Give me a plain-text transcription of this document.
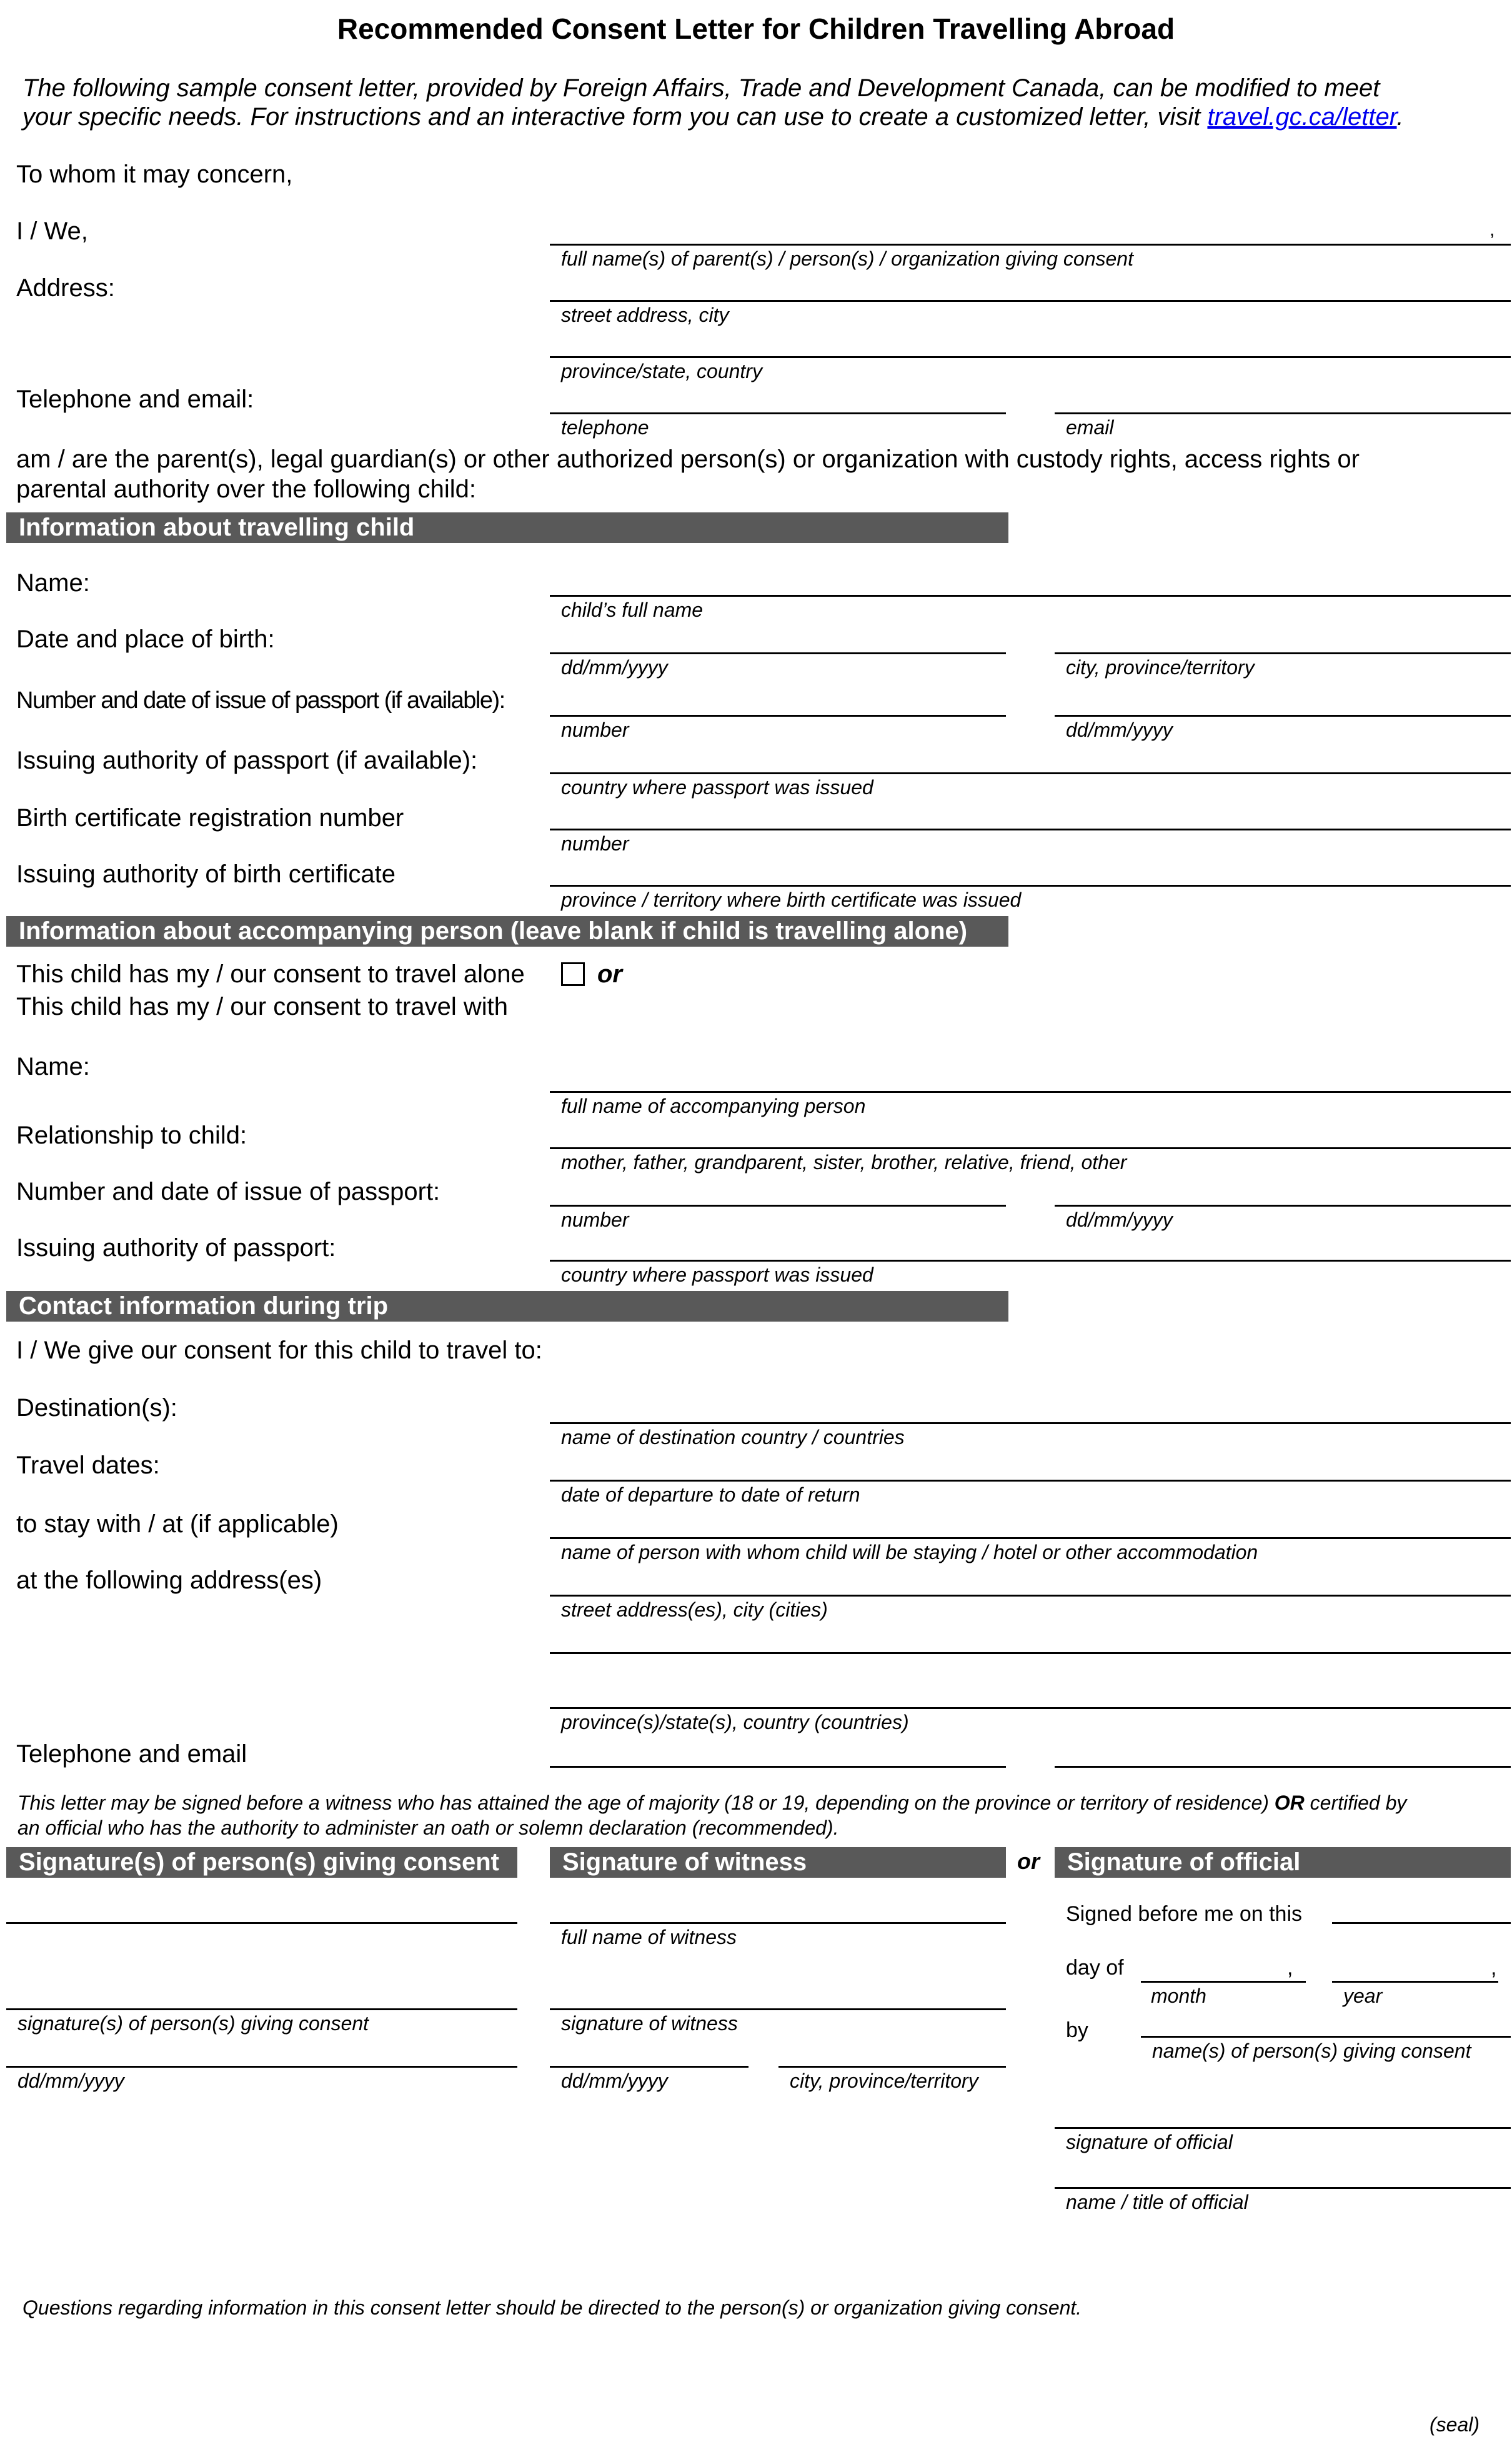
Recommended Consent Letter for Children Travelling Abroad
The following sample consent letter, provided by Foreign Affairs, Trade and Development Canada, can be modified to meet
your specific needs. For instructions and an interactive form you can use to create a customized letter, visit travel.gc.ca/letter.
To whom it may concern,
I / We,	,
full name(s) of parent(s) / person(s) / organization giving consent
Address:
street address, city
province/state, country
Telephone and email:
telephone	email
am / are the parent(s), legal guardian(s) or other authorized person(s) or organization with custody rights, access rights or
parental authority over the following child:
Information about travelling child
Name:
child’s full name
Date and place of birth:
dd/mm/yyyy	city, province/territory
Number and date of issue of passport (if available):
number	dd/mm/yyyy
Issuing authority of passport (if available):
country where passport was issued
Birth certificate registration number
number
Issuing authority of birth certificate
province / territory where birth certificate was issued
Information about accompanying person (leave blank if child is travelling alone)
This child has my / our consent to travel alone	or
This child has my / our consent to travel with
Name:
full name of accompanying person
Relationship to child:
mother, father, grandparent, sister, brother, relative, friend, other
Number and date of issue of passport:
number	dd/mm/yyyy
Issuing authority of passport:
country where passport was issued
Contact information during trip
I / We give our consent for this child to travel to:
Destination(s):
name of destination country / countries
Travel dates:
date of departure to date of return
to stay with / at (if applicable)
name of person with whom child will be staying / hotel or other accommodation
at the following address(es)
street address(es), city (cities)
province(s)/state(s), country (countries)
Telephone and email
This letter may be signed before a witness who has attained the age of majority (18 or 19, depending on the province or territory of residence) OR certified by
an official who has the authority to administer an oath or solemn declaration (recommended).
Signature(s) of person(s) giving consent	Signature of witness	or	Signature of official
signature(s) of person(s) giving consent
dd/mm/yyyy
full name of witness
signature of witness
dd/mm/yyyy	city, province/territory
Signed before me on this
day of	,	,
month	year
by
name(s) of person(s) giving consent
signature of official
name / title of official
Questions regarding information in this consent letter should be directed to the person(s) or organization giving consent.
(seal)
